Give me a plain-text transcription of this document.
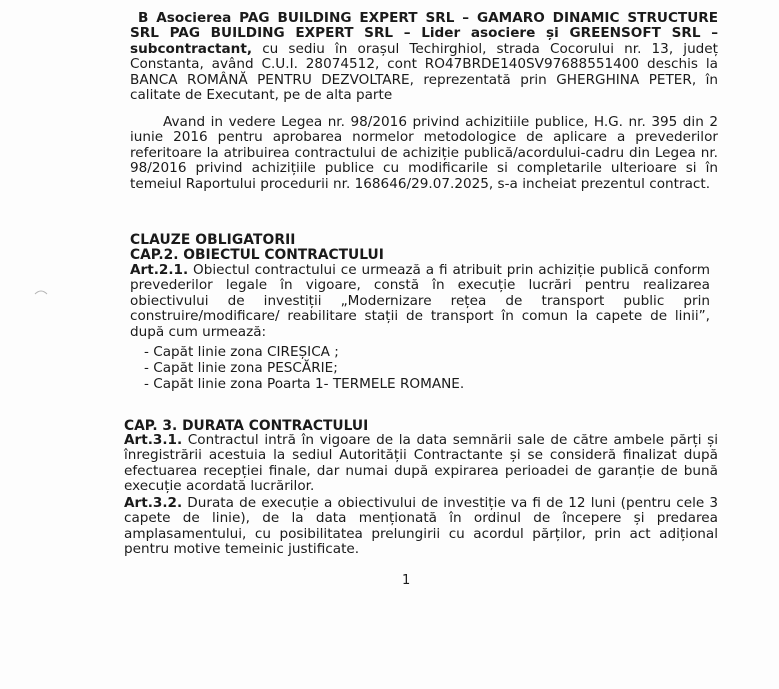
B Asocierea PAG BUILDING EXPERT SRL – GAMARO DINAMIC STRUCTURE SRL PAG BUILDING EXPERT SRL – Lider asociere și GREENSOFT SRL – subcontractant, cu sediu în orașul Techirghiol, strada Cocorului nr. 13, județ Constanta, având C.U.I. 28074512, cont RO47BRDE140SV97688551400 deschis la BANCA ROMÂNĂ PENTRU DEZVOLTARE, reprezentată prin GHERGHINA PETER, în calitate de Executant, pe de alta parte

Avand in vedere Legea nr. 98/2016 privind achizitiile publice, H.G. nr. 395 din 2 iunie 2016 pentru aprobarea normelor metodologice de aplicare a prevederilor referitoare la atribuirea contractului de achiziție publică/acordului-cadru din Legea nr. 98/2016 privind achizițiile publice cu modificarile si completarile ulterioare si în temeiul Raportului procedurii nr. 168646/29.07.2025, s-a incheiat prezentul contract.

CLAUZE OBLIGATORII

CAP.2. OBIECTUL CONTRACTULUI

Art.2.1. Obiectul contractului ce urmează a fi atribuit prin achiziție publică conform prevederilor legale în vigoare, constă în execuție lucrări pentru realizarea obiectivului de investiții „Modernizare rețea de transport public prin construire/modificare/ reabilitare stații de transport în comun la capete de linii”, după cum urmează:

- Capăt linie zona CIREȘICA ;
- Capăt linie zona PESCĂRIE;
- Capăt linie zona Poarta 1- TERMELE ROMANE.

CAP. 3. DURATA CONTRACTULUI

Art.3.1. Contractul intră în vigoare de la data semnării sale de către ambele părți și înregistrării acestuia la sediul Autorității Contractante și se consideră finalizat după efectuarea recepției finale, dar numai după expirarea perioadei de garanție de bună execuție acordată lucrărilor.

Art.3.2. Durata de execuție a obiectivului de investiție va fi de 12 luni (pentru cele 3 capete de linie), de la data menționată în ordinul de începere și predarea amplasamentului, cu posibilitatea prelungirii cu acordul părților, prin act adițional pentru motive temeinic justificate.

1
